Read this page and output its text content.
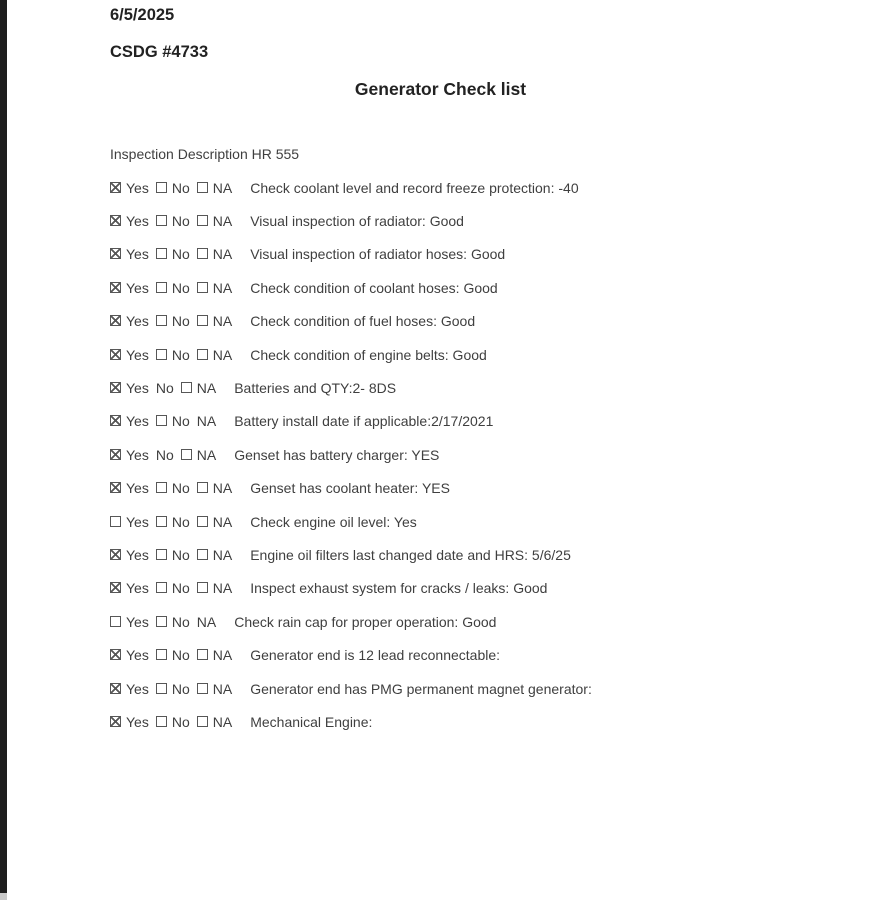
6/5/2025
CSDG #4733
Generator Check list
Inspection Description HR 555
Yes No NA Check coolant level and record freeze protection: -40
Yes No NA Visual inspection of radiator: Good
Yes No NA Visual inspection of radiator hoses: Good
Yes No NA Check condition of coolant hoses: Good
Yes No NA Check condition of fuel hoses: Good
Yes No NA Check condition of engine belts: Good
Yes No NA Batteries and QTY:2- 8DS
Yes No NA Battery install date if applicable:2/17/2021
Yes No NA Genset has battery charger: YES
Yes No NA Genset has coolant heater: YES
Yes No NA Check engine oil level: Yes
Yes No NA Engine oil filters last changed date and HRS: 5/6/25
Yes No NA Inspect exhaust system for cracks / leaks: Good
Yes No NA Check rain cap for proper operation: Good
Yes No NA Generator end is 12 lead reconnectable:
Yes No NA Generator end has PMG permanent magnet generator:
Yes No NA Mechanical Engine:
